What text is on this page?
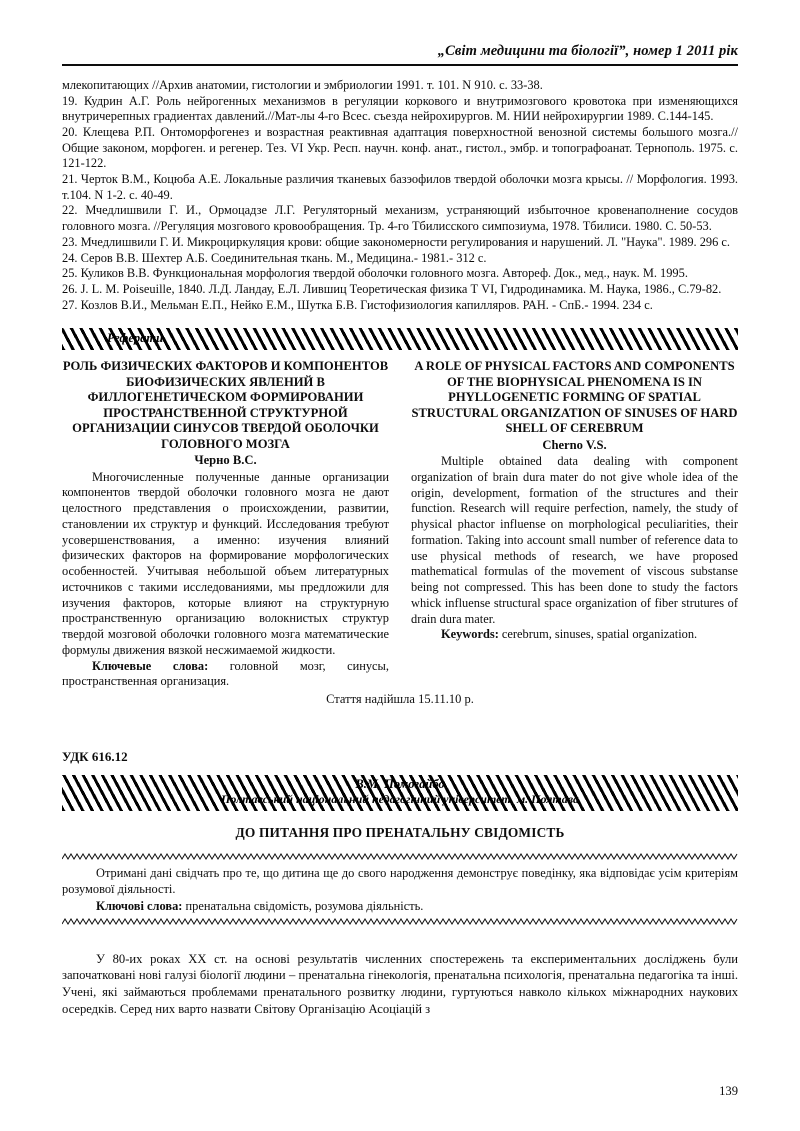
„Світ медицини та біології”, номер 1 2011 рік

млекопитающих //Архив анатомии, гистологии и эмбриологии 1991. т. 101. N 910. с. 33-38.

19. Кудрин А.Г. Роль нейрогенных механизмов в регуляции коркового и внутримозгового кровотока при изменяющихся внутричерепных градиентах давлений.//Мат-лы 4-го Всес. съезда нейрохирургов. М. НИИ нейрохирургии 1989. С.144-145.

20. Клещева Р.П. Онтоморфогенез и возрастная реактивная адаптация поверхностной венозной системы большого мозга.// Общие законом, морфоген. и регенер. Тез. VI Укр. Респ. научн. конф. анат., гистол., эмбр. и топографоанат. Тернополь. 1975. с. 121-122.

21. Черток В.М., Коцюба А.Е. Локальные различия тканевых базэофилов твердой оболочки мозга крысы. // Морфология. 1993. т.104. N 1-2. с. 40-49.

22. Мчедлишвили Г. И., Ормоцадзе Л.Г. Регуляторный механизм, устраняющий избыточное кровенаполнение сосудов головного мозга. //Регуляция мозгового кровообращения. Тр. 4-го Тбилисского симпозиума, 1978. Тбилиси. 1980. С. 50-53.

23. Мчедлишвили Г. И. Микроциркуляция крови: общие закономерности регулирования и нарушений. Л. "Наука". 1989. 296 с.

24. Серов В.В. Шехтер А.Б. Соединительная ткань. М., Медицина.- 1981.- 312 с.

25. Куликов В.В. Функциональная морфология твердой оболочки головного мозга. Автореф. Док., мед., наук. М. 1995.

26. J. L. M. Poiseuille, 1840. Л.Д. Ландау, Е.Л. Лившиц Теоретическая физика Т VI, Гидродинамика. М. Наука, 1986., С.79-82.

27. Козлов В.И., Мельман Е.П., Нейко Е.М., Шутка Б.В. Гистофизиология капилляров. РАН. - СпБ.- 1994. 234 с.

Реферати
РОЛЬ ФИЗИЧЕСКИХ ФАКТОРОВ И КОМПОНЕНТОВ БИОФИЗИЧЕСКИХ ЯВЛЕНИЙ В ФИЛЛОГЕНЕТИЧЕСКОМ ФОРМИРОВАНИИ ПРОСТРАНСТВЕННОЙ СТРУКТУРНОЙ ОРГАНИЗАЦИИ СИНУСОВ ТВЕРДОЙ ОБОЛОЧКИ ГОЛОВНОГО МОЗГА
Черно В.С.
Многочисленные полученные данные организации компонентов твердой оболочки головного мозга не дают целостного представления о происхождении, развитии, становлении их структур и функций. Исследования требуют усовершенствования, а именно: изучения влияний физических факторов на формирование морфологических особенностей. Учитывая небольшой объем литературных источников с такими исследованиями, мы предложили для изучения факторов, которые влияют на структурную пространственную организацию волокнистых структур твердой мозговой оболочки головного мозга математические формулы движения вязкой несжимаемой жидкости.
Ключевые слова: головной мозг, синусы, пространственная организация.
A ROLE OF PHYSICAL FACTORS AND COMPONENTS OF THE BIOPHYSICAL PHENOMENA IS IN PHYLLOGENETIC FORMING OF SPATIAL STRUCTURAL ORGANIZATION OF SINUSES OF HARD SHELL OF CEREBRUM
Cherno V.S.
Multiple obtained data dealing with component organization of brain dura mater do not give whole idea of the origin, development, formation of the structures and their function. Research will require perfection, namely, the study of physical phactor influense on morphological peculiarities, their formation. Taking into account small number of reference data to use physical methods of research, we have proposed mathematical formulas of the movement of viscous substanse being not compressed. This has been done to study the factors whick influense structural space organization of fiber strutures of drain dura mater.
Keywords: cerebrum, sinuses, spatial organization.
Стаття надійшла 15.11.10 р.
УДК 616.12
В.М. Помогайбо
Полтавський національний педагогічний університет, м. Полтава
ДО ПИТАННЯ ПРО ПРЕНАТАЛЬНУ СВІДОМІСТЬ
Отримані дані свідчать про те, що дитина ще до свого народження демонструє поведінку, яка відповідає усім критеріям розумової діяльності.
Ключові слова: пренатальна свідомість, розумова діяльність.
У 80-их роках ХХ ст. на основі результатів численних спостережень та експериментальних досліджень були започатковані нові галузі біології людини – пренатальна гінекологія, пренатальна психологія, пренатальна педагогіка та інші. Учені, які займаються проблемами пренатального розвитку людини, гуртуються навколо кількох міжнародних наукових осередків. Серед них варто назвати Світову Організацію Асоціацій з
139
